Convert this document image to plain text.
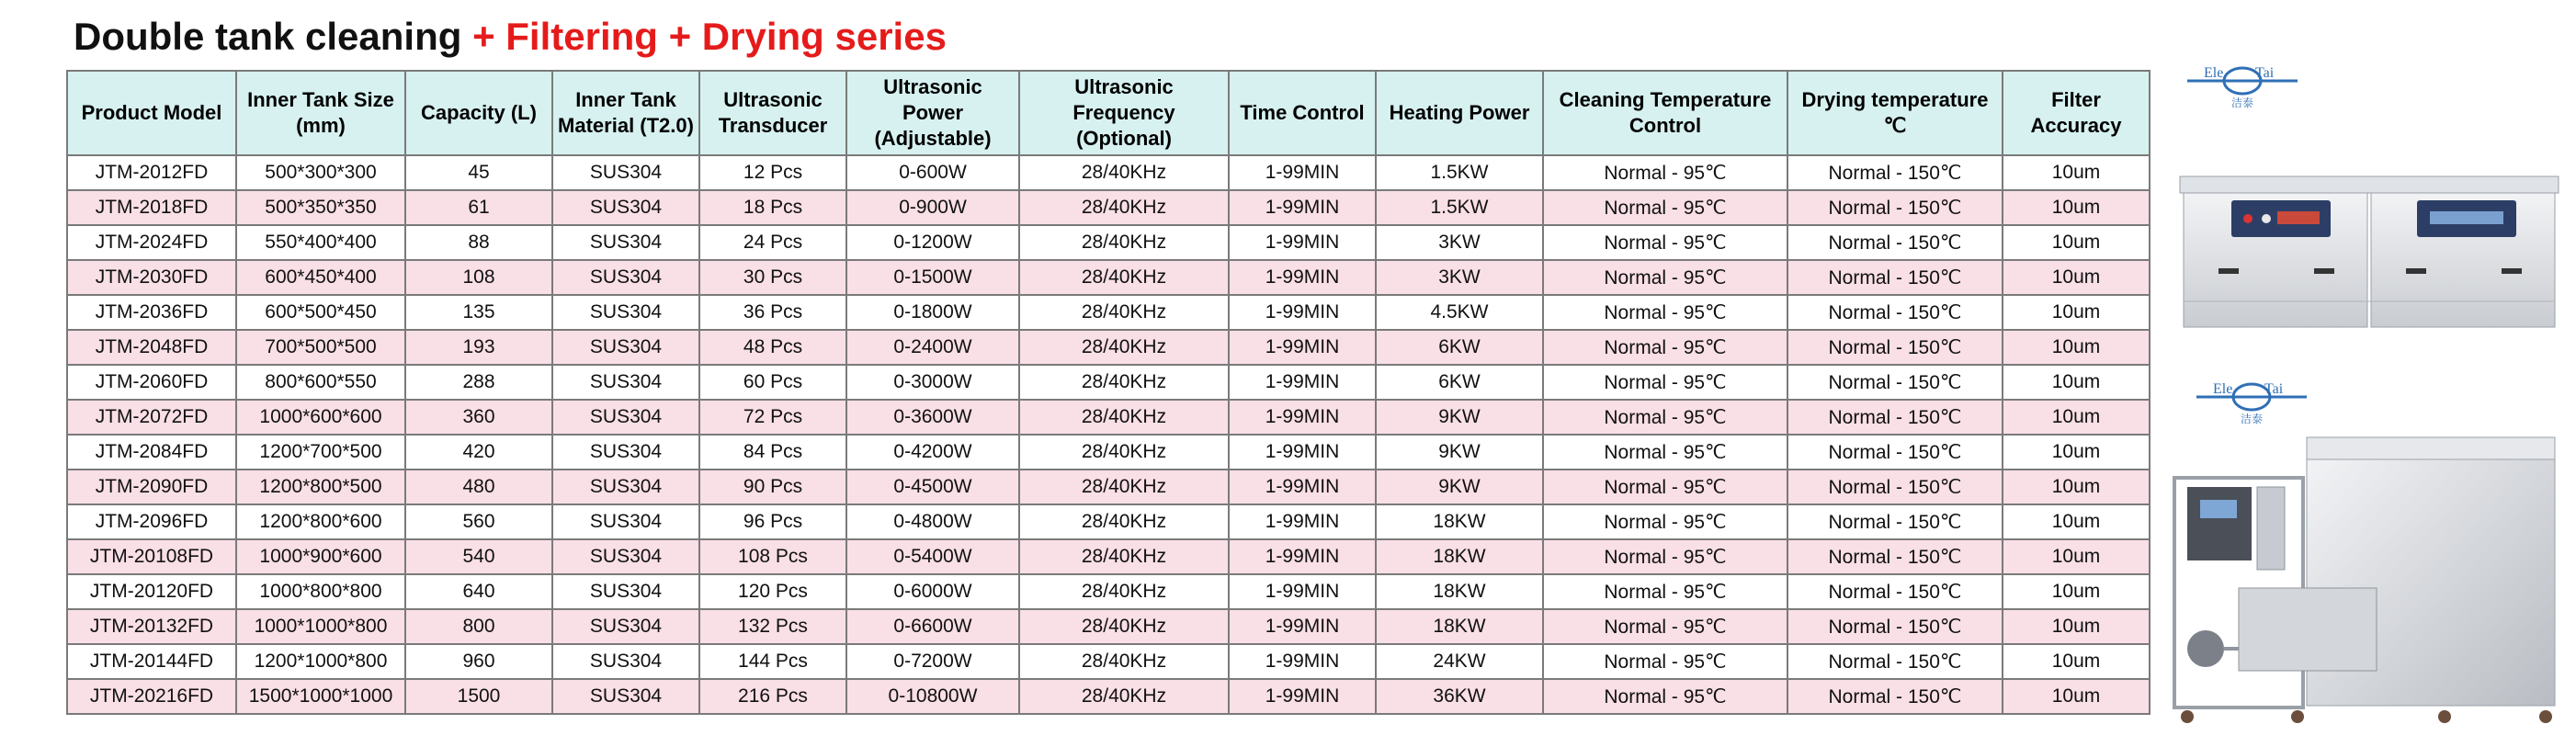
Double tank cleaning + Filtering + Drying series
Product Model	Inner Tank Size (mm)	Capacity (L)	Inner Tank Material (T2.0)	Ultrasonic Transducer	Ultrasonic Power (Adjustable)	Ultrasonic Frequency (Optional)	Time Control	Heating Power	Cleaning Temperature Control	Drying temperature ℃	Filter Accuracy
JTM-2012FD	500*300*300	45	SUS304	12 Pcs	0-600W	28/40KHz	1-99MIN	1.5KW	Normal - 95℃	Normal - 150℃	10um
JTM-2018FD	500*350*350	61	SUS304	18 Pcs	0-900W	28/40KHz	1-99MIN	1.5KW	Normal - 95℃	Normal - 150℃	10um
JTM-2024FD	550*400*400	88	SUS304	24 Pcs	0-1200W	28/40KHz	1-99MIN	3KW	Normal - 95℃	Normal - 150℃	10um
JTM-2030FD	600*450*400	108	SUS304	30 Pcs	0-1500W	28/40KHz	1-99MIN	3KW	Normal - 95℃	Normal - 150℃	10um
JTM-2036FD	600*500*450	135	SUS304	36 Pcs	0-1800W	28/40KHz	1-99MIN	4.5KW	Normal - 95℃	Normal - 150℃	10um
JTM-2048FD	700*500*500	193	SUS304	48 Pcs	0-2400W	28/40KHz	1-99MIN	6KW	Normal - 95℃	Normal - 150℃	10um
JTM-2060FD	800*600*550	288	SUS304	60 Pcs	0-3000W	28/40KHz	1-99MIN	6KW	Normal - 95℃	Normal - 150℃	10um
JTM-2072FD	1000*600*600	360	SUS304	72 Pcs	0-3600W	28/40KHz	1-99MIN	9KW	Normal - 95℃	Normal - 150℃	10um
JTM-2084FD	1200*700*500	420	SUS304	84 Pcs	0-4200W	28/40KHz	1-99MIN	9KW	Normal - 95℃	Normal - 150℃	10um
JTM-2090FD	1200*800*500	480	SUS304	90 Pcs	0-4500W	28/40KHz	1-99MIN	9KW	Normal - 95℃	Normal - 150℃	10um
JTM-2096FD	1200*800*600	560	SUS304	96 Pcs	0-4800W	28/40KHz	1-99MIN	18KW	Normal - 95℃	Normal - 150℃	10um
JTM-20108FD	1000*900*600	540	SUS304	108 Pcs	0-5400W	28/40KHz	1-99MIN	18KW	Normal - 95℃	Normal - 150℃	10um
JTM-20120FD	1000*800*800	640	SUS304	120 Pcs	0-6000W	28/40KHz	1-99MIN	18KW	Normal - 95℃	Normal - 150℃	10um
JTM-20132FD	1000*1000*800	800	SUS304	132 Pcs	0-6600W	28/40KHz	1-99MIN	18KW	Normal - 95℃	Normal - 150℃	10um
JTM-20144FD	1200*1000*800	960	SUS304	144 Pcs	0-7200W	28/40KHz	1-99MIN	24KW	Normal - 95℃	Normal - 150℃	10um
JTM-20216FD	1500*1000*1000	1500	SUS304	216 Pcs	0-10800W	28/40KHz	1-99MIN	36KW	Normal - 95℃	Normal - 150℃	10um
Ele Tai
洁泰
Ele Tai
洁泰
